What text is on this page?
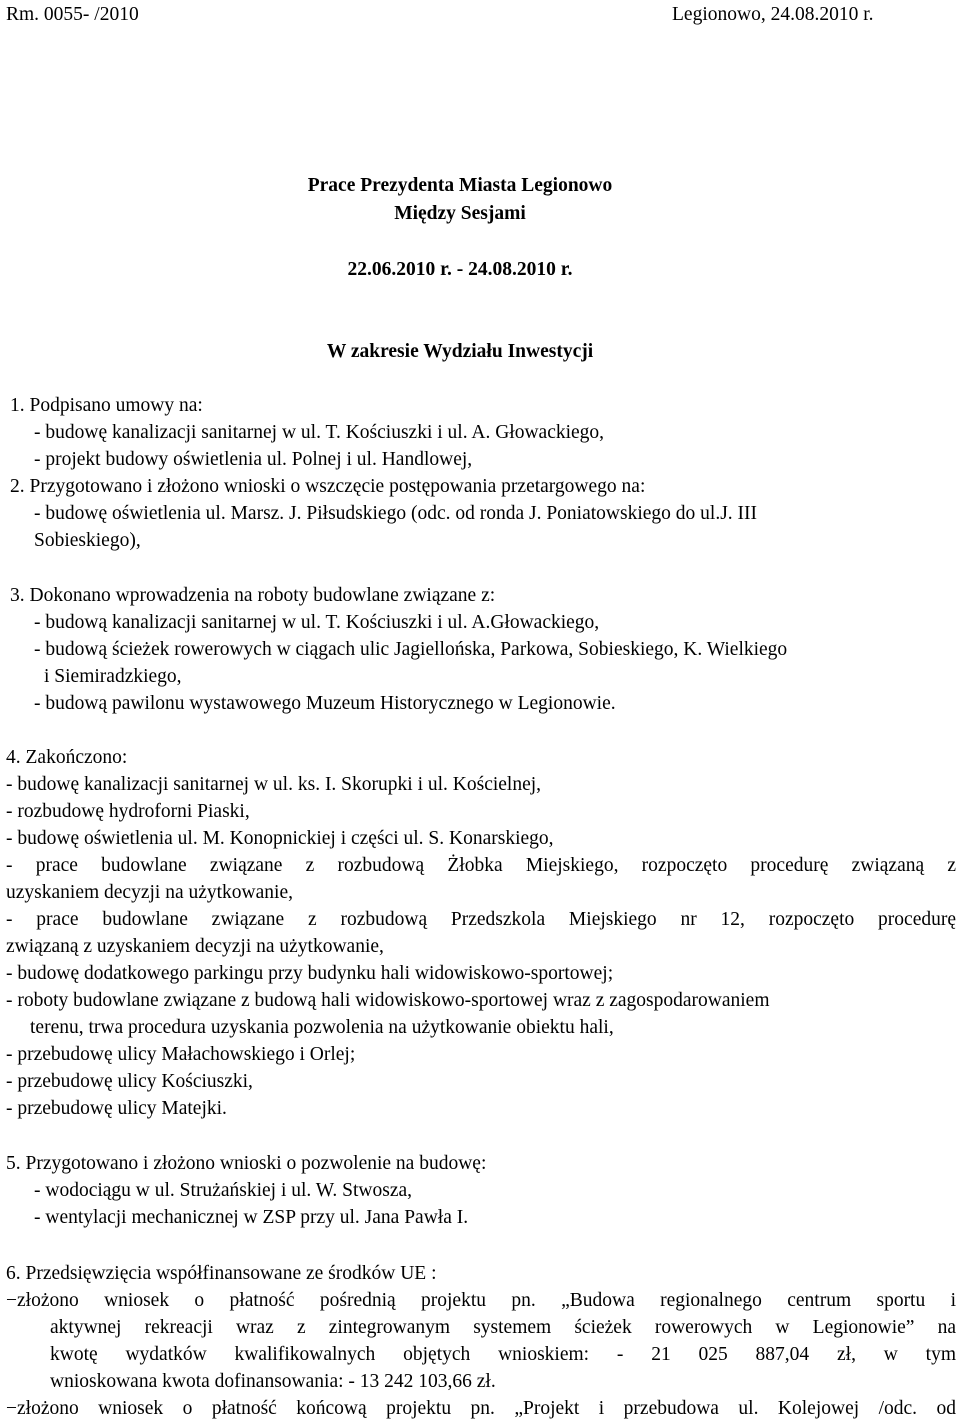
Rm. 0055- /2010	Legionowo, 24.08.2010 r.
Prace Prezydenta Miasta Legionowo
Między Sesjami
22.06.2010 r. - 24.08.2010 r.
W zakresie Wydziału Inwestycji
1. Podpisano umowy na:
- budowę kanalizacji sanitarnej w ul. T. Kościuszki i ul. A. Głowackiego,
- projekt budowy oświetlenia ul. Polnej i ul. Handlowej,
2. Przygotowano i złożono wnioski o wszczęcie postępowania przetargowego na:
- budowę oświetlenia ul. Marsz. J. Piłsudskiego (odc. od ronda J. Poniatowskiego do ul.J. III
Sobieskiego),
3. Dokonano wprowadzenia na roboty budowlane związane z:
- budową kanalizacji sanitarnej w ul. T. Kościuszki i ul. A.Głowackiego,
- budową ścieżek rowerowych w ciągach ulic Jagiellońska, Parkowa, Sobieskiego, K. Wielkiego
i Siemiradzkiego,
- budową pawilonu wystawowego Muzeum Historycznego w Legionowie.
4. Zakończono:
- budowę kanalizacji sanitarnej w ul. ks. I. Skorupki i ul. Kościelnej,
- rozbudowę hydroforni Piaski,
- budowę oświetlenia ul. M. Konopnickiej i części ul. S. Konarskiego,
- prace budowlane związane z rozbudową Żłobka Miejskiego, rozpoczęto procedurę związaną z
uzyskaniem decyzji na użytkowanie,
- prace budowlane związane z rozbudową Przedszkola Miejskiego nr 12, rozpoczęto procedurę
związaną z uzyskaniem decyzji na użytkowanie,
- budowę dodatkowego parkingu przy budynku hali widowiskowo-sportowej;
- roboty budowlane związane z budową hali widowiskowo-sportowej wraz z zagospodarowaniem
terenu, trwa procedura uzyskania pozwolenia na użytkowanie obiektu hali,
- przebudowę ulicy Małachowskiego i Orlej;
- przebudowę ulicy Kościuszki,
- przebudowę ulicy Matejki.
5. Przygotowano i złożono wnioski o pozwolenie na budowę:
- wodociągu w ul. Strużańskiej i ul. W. Stwosza,
- wentylacji mechanicznej w ZSP przy ul. Jana Pawła I.
6. Przedsięwzięcia współfinansowane ze środków UE :
−złożono wniosek o płatność pośrednią projektu pn. „Budowa regionalnego centrum sportu i
aktywnej rekreacji wraz z zintegrowanym systemem ścieżek rowerowych w Legionowie” na
kwotę wydatków kwalifikowalnych objętych wnioskiem: - 21 025 887,04 zł, w tym
wnioskowana kwota dofinansowania: - 13 242 103,66 zł.
−złożono wniosek o płatność końcową projektu pn. „Projekt i przebudowa ul. Kolejowej /odc. od
